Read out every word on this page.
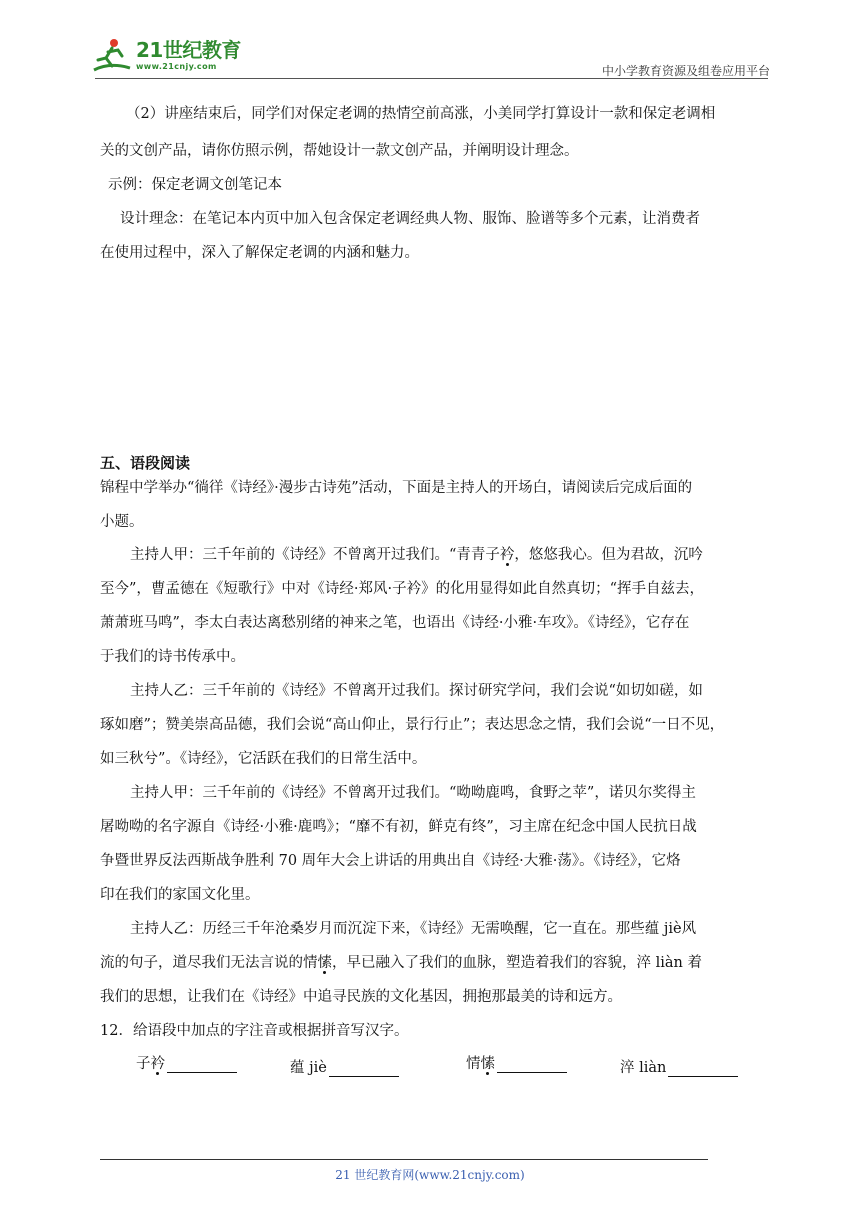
21世纪教育
www.21cnjy.com	中小学教育资源及组卷应用平台
（2）讲座结束后，同学们对保定老调的热情空前高涨，小美同学打算设计一款和保定老调相
关的文创产品，请你仿照示例，帮她设计一款文创产品，并阐明设计理念。
示例：保定老调文创笔记本
设计理念：在笔记本内页中加入包含保定老调经典人物、服饰、脸谱等多个元素，让消费者
在使用过程中，深入了解保定老调的内涵和魅力。
五、语段阅读
锦程中学举办“徜徉《诗经》·漫步古诗苑”活动，下面是主持人的开场白，请阅读后完成后面的
小题。
主持人甲：三千年前的《诗经》不曾离开过我们。“青青子衿，悠悠我心。但为君故，沉吟
至今”，曹孟德在《短歌行》中对《诗经·郑风·子衿》的化用显得如此自然真切；“挥手自兹去，
萧萧班马鸣”，李太白表达离愁别绪的神来之笔，也语出《诗经·小雅·车攻》。《诗经》，它存在
于我们的诗书传承中。
主持人乙：三千年前的《诗经》不曾离开过我们。探讨研究学问，我们会说“如切如磋，如
琢如磨”；赞美崇高品德，我们会说“高山仰止，景行行止”；表达思念之情，我们会说“一日不见，
如三秋兮”。《诗经》，它活跃在我们的日常生活中。
主持人甲：三千年前的《诗经》不曾离开过我们。“呦呦鹿鸣，食野之苹”，诺贝尔奖得主
屠呦呦的名字源自《诗经·小雅·鹿鸣》；“靡不有初，鲜克有终”，习主席在纪念中国人民抗日战
争暨世界反法西斯战争胜利 70 周年大会上讲话的用典出自《诗经·大雅·荡》。《诗经》，它烙
印在我们的家国文化里。
主持人乙：历经三千年沧桑岁月而沉淀下来，《诗经》无需唤醒，它一直在。那些蕴 jiè风
流的句子，道尽我们无法言说的情愫，早已融入了我们的血脉，塑造着我们的容貌，淬 liàn 着
我们的思想，让我们在《诗经》中追寻民族的文化基因，拥抱那最美的诗和远方。
12．给语段中加点的字注音或根据拼音写汉字。
子衿	蕴 jiè	情愫	淬 liàn
21 世纪教育网(www.21cnjy.com)
